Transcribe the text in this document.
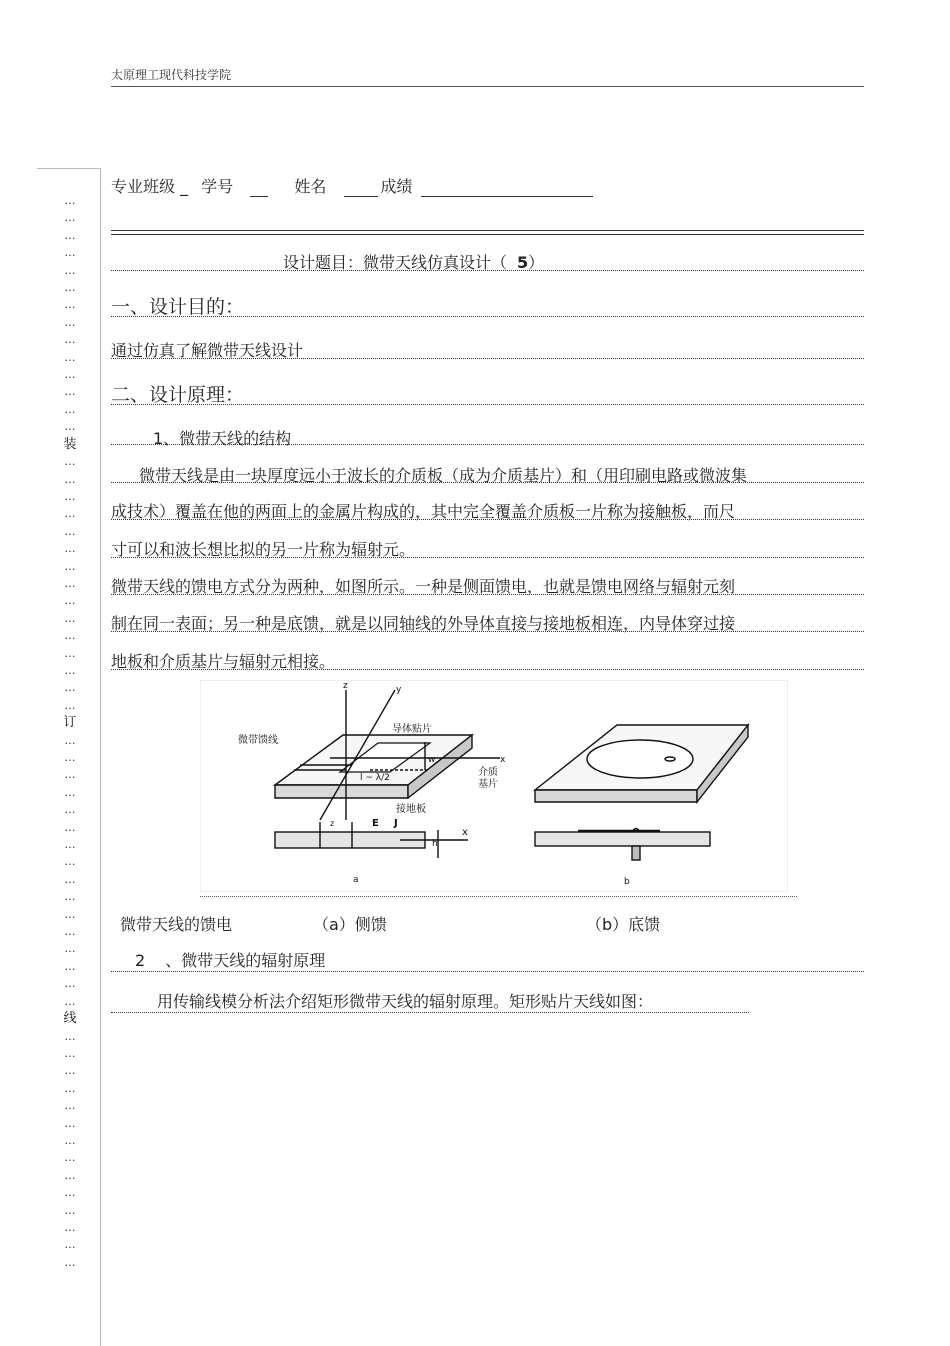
太原理工现代科技学院
…
…
…
…
…
…
…
…
…
…
…
…
…
…
装
…
…
…
…
…
…
…
…
…
…
…
…
…
…
…
订
…
…
…
…
…
…
…
…
…
…
…
…
…
…
…
…
线
…
…
…
…
…
…
…
…
…
…
…
…
…
…
专业班级 _ 学号	姓名	成绩
设计题目：微带天线仿真设计（ 5）
一、设计目的：
通过仿真了解微带天线设计
二、设计原理：
1、微带天线的结构
微带天线是由一块厚度远小于波长的介质板（成为介质基片）和（用印刷电路或微波集
成技术）覆盖在他的两面上的金属片构成的，其中完全覆盖介质板一片称为接触板，而尺
寸可以和波长想比拟的另一片称为辐射元。
微带天线的馈电方式分为两种，如图所示。一种是侧面馈电，也就是馈电网络与辐射元刻
制在同一表面；另一种是底馈，就是以同轴线的外导体直接与接地板相连，内导体穿过接
地板和介质基片与辐射元相接。
z	y
x
导体贴片
微带馈线
介质
基片
接地板
l ~ λ/2
w
z	E J
x
h
a	b
微带天线的馈电	（a）侧馈	（b）底馈
2 、微带天线的辐射原理
用传输线模分析法介绍矩形微带天线的辐射原理。矩形贴片天线如图：
